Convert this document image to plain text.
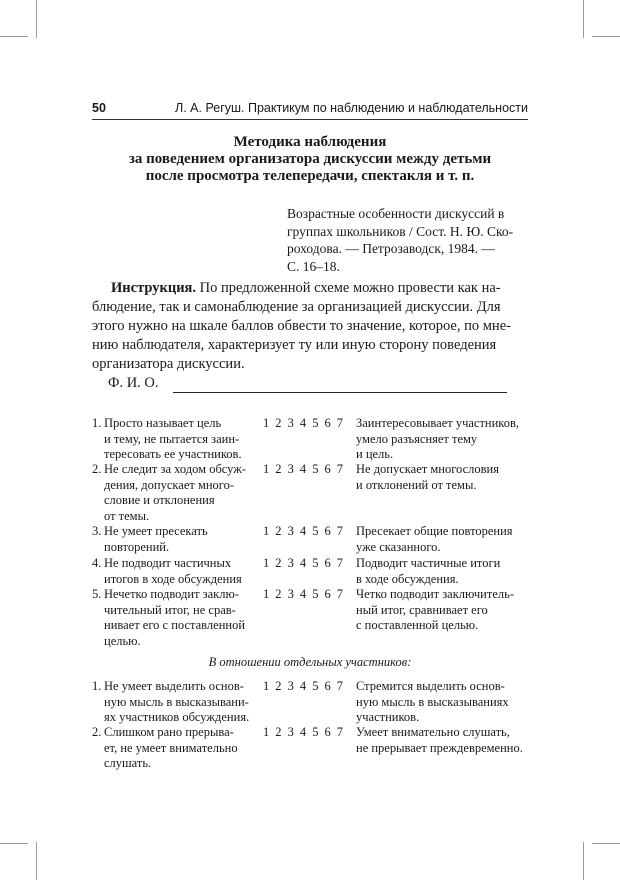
50	Л. А. Регуш. Практикум по наблюдению и наблюдательности
Методика наблюдения
за поведением организатора дискуссии между детьми
после просмотра телепередачи, спектакля и т. п.
Возрастные особенности дискуссий в
группах школьников / Сост. Н. Ю. Ско-
роходова. — Петрозаводск, 1984. —
С. 16–18.
Инструкция. По предложенной схеме можно провести как на-
блюдение, так и самонаблюдение за организацией дискуссии. Для
этого нужно на шкале баллов обвести то значение, которое, по мне-
нию наблюдателя, характеризует ту или иную сторону поведения
организатора дискуссии.
Ф. И. О.
1. Просто называет цель
и тему, не пытается заин-
тересовать ее участников.
1 2 3 4 5 6 7 Заинтересовывает участников,
умело разъясняет тему
и цель.
2. Не следит за ходом обсуж-
дения, допускает много-
словие и отклонения
от темы.
1 2 3 4 5 6 7 Не допускает многословия
и отклонений от темы.
3. Не умеет пресекать
повторений.
1 2 3 4 5 6 7 Пресекает общие повторения
уже сказанного.
4. Не подводит частичных
итогов в ходе обсуждения
1 2 3 4 5 6 7 Подводит частичные итоги
в ходе обсуждения.
5. Нечетко подводит заклю-
чительный итог, не срав-
нивает его с поставленной
целью.
1 2 3 4 5 6 7 Четко подводит заключитель-
ный итог, сравнивает его
с поставленной целью.
В отношении отдельных участников:
1. Не умеет выделить основ-
ную мысль в высказывани-
ях участников обсуждения.
1 2 3 4 5 6 7 Стремится выделить основ-
ную мысль в высказываниях
участников.
2. Слишком рано прерыва-
ет, не умеет внимательно
слушать.
1 2 3 4 5 6 7 Умеет внимательно слушать,
не прерывает преждевременно.
